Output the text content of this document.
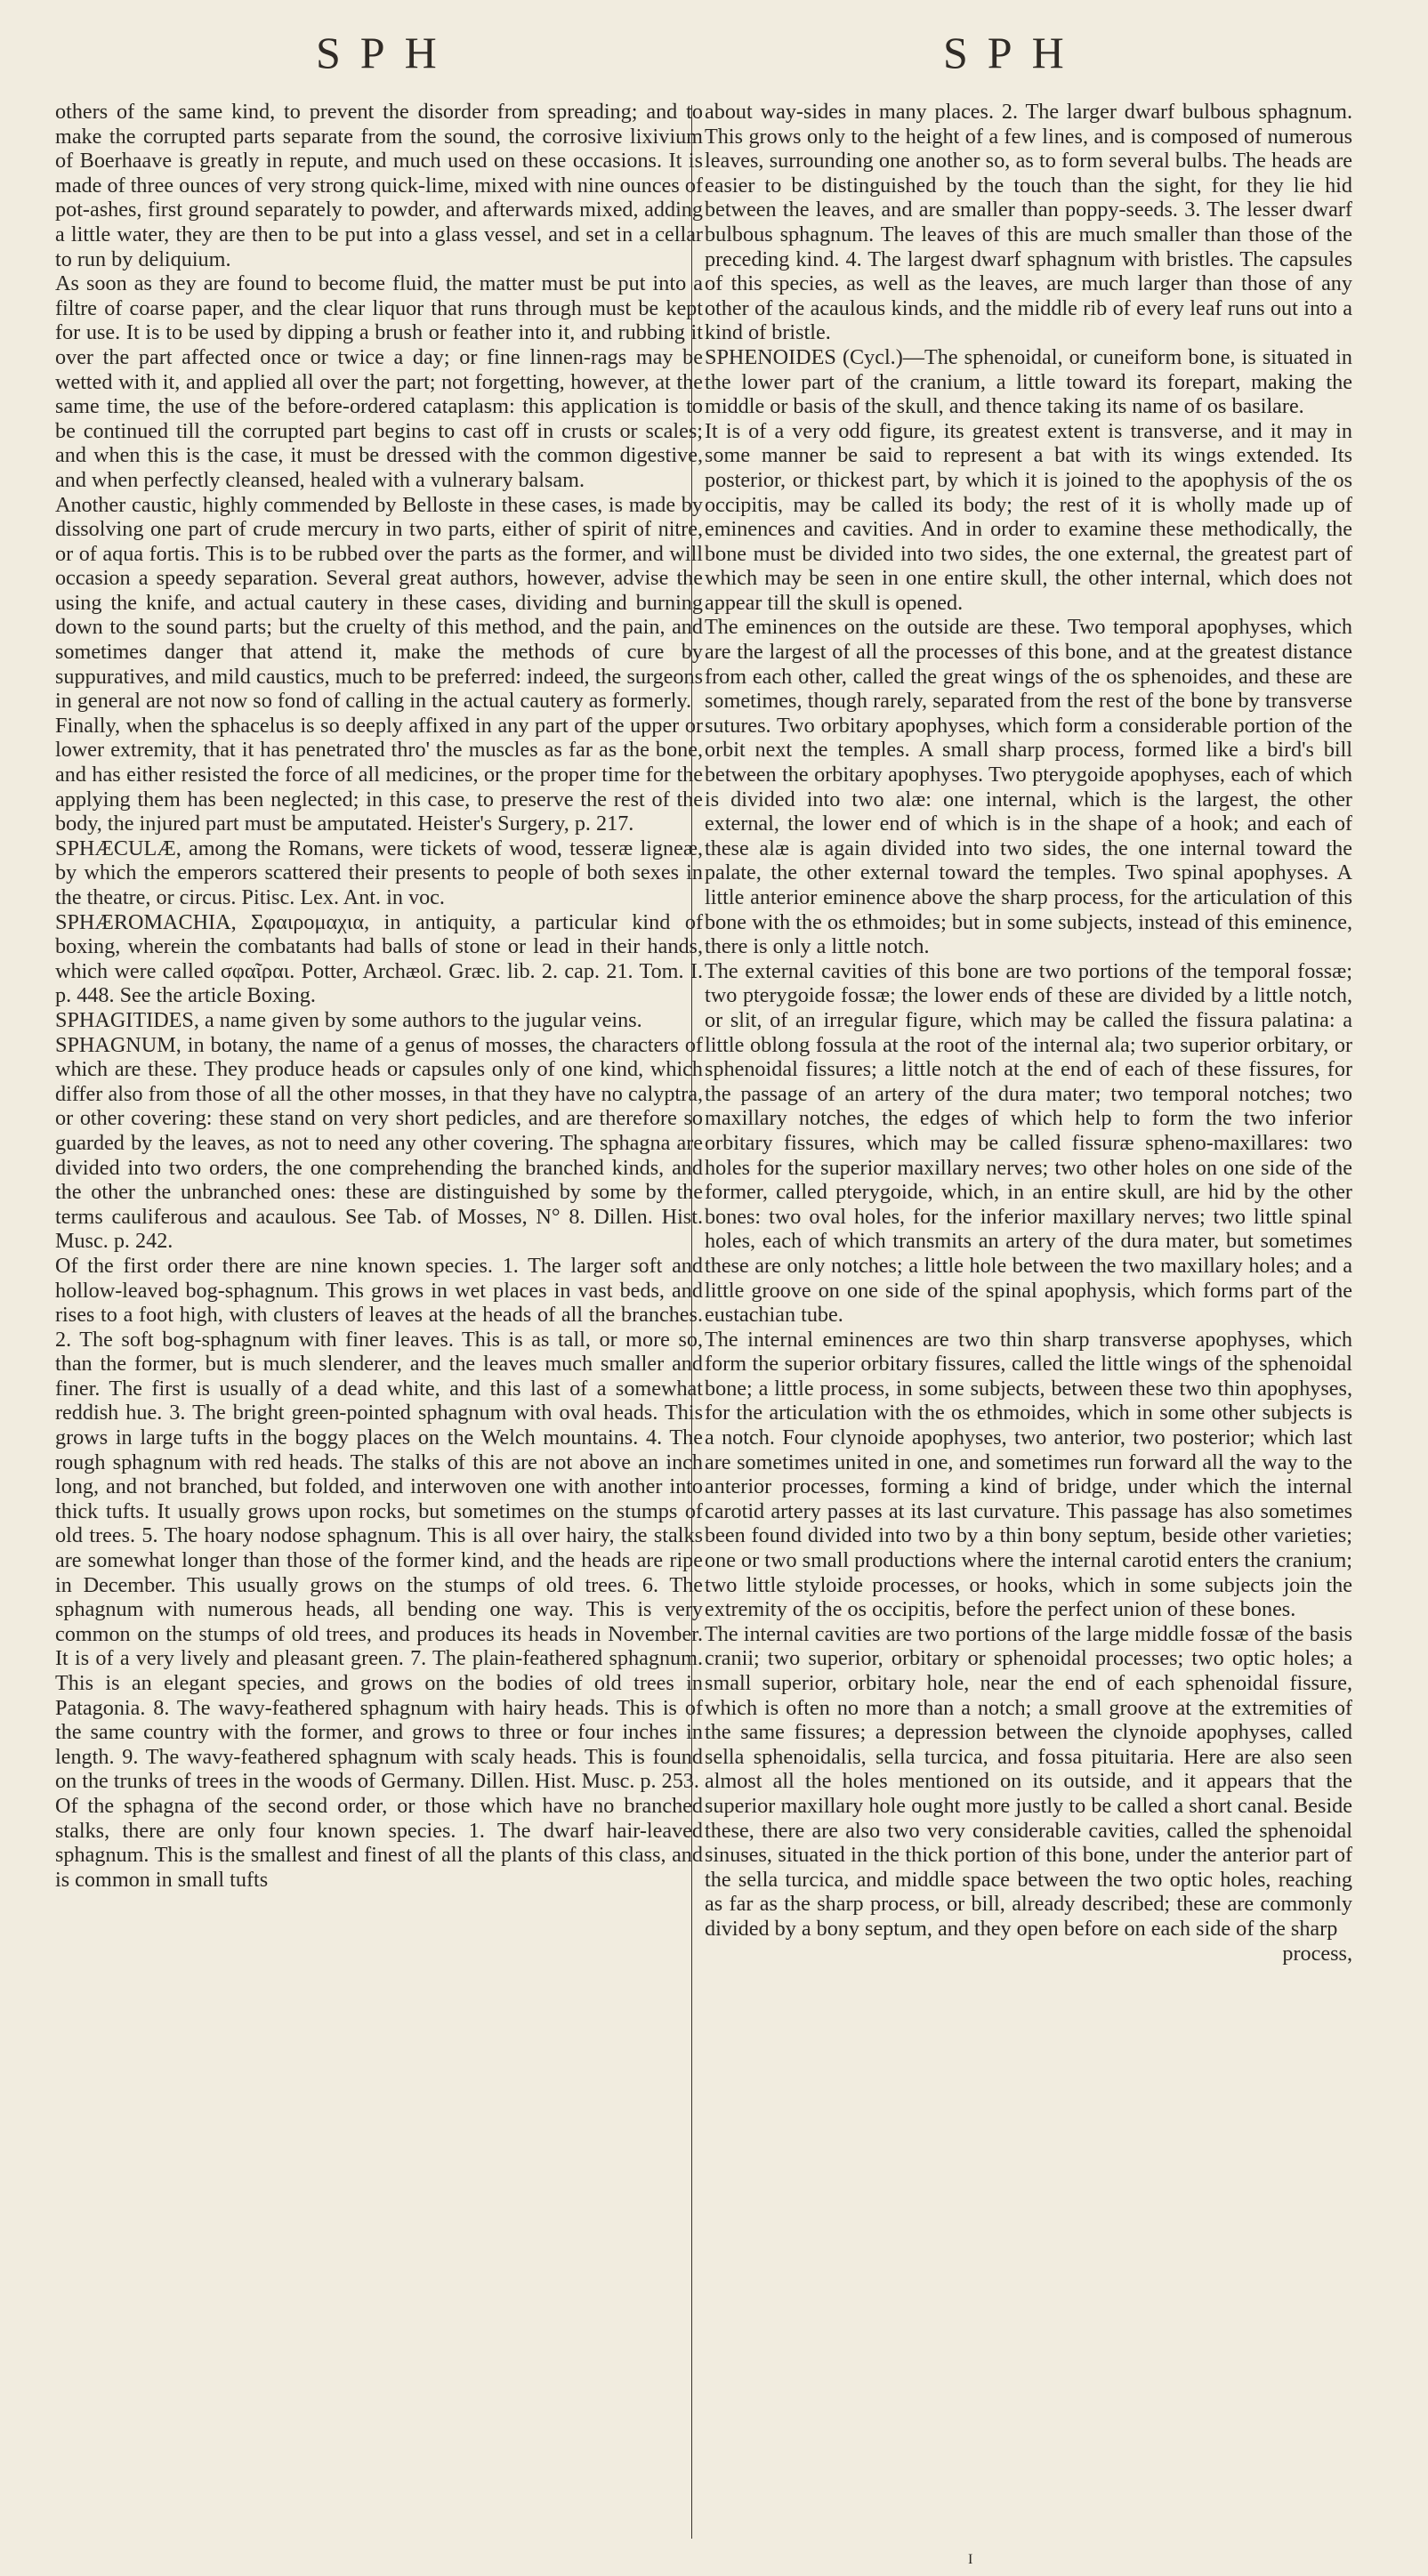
SPH	SPH

others of the same kind, to prevent the disorder from spreading; and to make the corrupted parts separate from the sound, the corrosive lixivium of Boerhaave is greatly in repute, and much used on these occasions. It is made of three ounces of very strong quick-lime, mixed with nine ounces of pot-ashes, first ground separately to powder, and afterwards mixed, adding a little water, they are then to be put into a glass vessel, and set in a cellar to run by deliquium.

As soon as they are found to become fluid, the matter must be put into a filtre of coarse paper, and the clear liquor that runs through must be kept for use. It is to be used by dipping a brush or feather into it, and rubbing it over the part affected once or twice a day; or fine linnen-rags may be wetted with it, and applied all over the part; not forgetting, however, at the same time, the use of the before-ordered cataplasm: this application is to be continued till the corrupted part begins to cast off in crusts or scales; and when this is the case, it must be dressed with the common digestive, and when perfectly cleansed, healed with a vulnerary balsam.

Another caustic, highly commended by Belloste in these cases, is made by dissolving one part of crude mercury in two parts, either of spirit of nitre, or of aqua fortis. This is to be rubbed over the parts as the former, and will occasion a speedy separation. Several great authors, however, advise the using the knife, and actual cautery in these cases, dividing and burning down to the sound parts; but the cruelty of this method, and the pain, and sometimes danger that attend it, make the methods of cure by suppuratives, and mild caustics, much to be preferred: indeed, the surgeons in general are not now so fond of calling in the actual cautery as formerly.

Finally, when the sphacelus is so deeply affixed in any part of the upper or lower extremity, that it has penetrated thro' the muscles as far as the bone, and has either resisted the force of all medicines, or the proper time for the applying them has been neglected; in this case, to preserve the rest of the body, the injured part must be amputated. Heister's Surgery, p. 217.

SPHÆCULÆ, among the Romans, were tickets of wood, tesseræ ligneæ, by which the emperors scattered their presents to people of both sexes in the theatre, or circus. Pitisc. Lex. Ant. in voc.

SPHÆROMACHIA, Σφαιρομαχια, in antiquity, a particular kind of boxing, wherein the combatants had balls of stone or lead in their hands, which were called σφαῖραι. Potter, Archæol. Græc. lib. 2. cap. 21. Tom. I. p. 448. See the article Boxing.

SPHAGITIDES, a name given by some authors to the jugular veins.

SPHAGNUM, in botany, the name of a genus of mosses, the characters of which are these. They produce heads or capsules only of one kind, which differ also from those of all the other mosses, in that they have no calyptra, or other covering: these stand on very short pedicles, and are therefore so guarded by the leaves, as not to need any other covering. The sphagna are divided into two orders, the one comprehending the branched kinds, and the other the unbranched ones: these are distinguished by some by the terms cauliferous and acaulous. See Tab. of Mosses, N° 8. Dillen. Hist. Musc. p. 242.

Of the first order there are nine known species. 1. The larger soft and hollow-leaved bog-sphagnum. This grows in wet places in vast beds, and rises to a foot high, with clusters of leaves at the heads of all the branches. 2. The soft bog-sphagnum with finer leaves. This is as tall, or more so, than the former, but is much slenderer, and the leaves much smaller and finer. The first is usually of a dead white, and this last of a somewhat reddish hue. 3. The bright green-pointed sphagnum with oval heads. This grows in large tufts in the boggy places on the Welch mountains. 4. The rough sphagnum with red heads. The stalks of this are not above an inch long, and not branched, but folded, and interwoven one with another into thick tufts. It usually grows upon rocks, but sometimes on the stumps of old trees. 5. The hoary nodose sphagnum. This is all over hairy, the stalks are somewhat longer than those of the former kind, and the heads are ripe in December. This usually grows on the stumps of old trees. 6. The sphagnum with numerous heads, all bending one way. This is very common on the stumps of old trees, and produces its heads in November. It is of a very lively and pleasant green. 7. The plain-feathered sphagnum. This is an elegant species, and grows on the bodies of old trees in Patagonia. 8. The wavy-feathered sphagnum with hairy heads. This is of the same country with the former, and grows to three or four inches in length. 9. The wavy-feathered sphagnum with scaly heads. This is found on the trunks of trees in the woods of Germany. Dillen. Hist. Musc. p. 253.

Of the sphagna of the second order, or those which have no branched stalks, there are only four known species. 1. The dwarf hair-leaved sphagnum. This is the smallest and finest of all the plants of this class, and is common in small tufts

about way-sides in many places. 2. The larger dwarf bulbous sphagnum. This grows only to the height of a few lines, and is composed of numerous leaves, surrounding one another so, as to form several bulbs. The heads are easier to be distinguished by the touch than the sight, for they lie hid between the leaves, and are smaller than poppy-seeds. 3. The lesser dwarf bulbous sphagnum. The leaves of this are much smaller than those of the preceding kind. 4. The largest dwarf sphagnum with bristles. The capsules of this species, as well as the leaves, are much larger than those of any other of the acaulous kinds, and the middle rib of every leaf runs out into a kind of bristle.

SPHENOIDES (Cycl.)—The sphenoidal, or cuneiform bone, is situated in the lower part of the cranium, a little toward its forepart, making the middle or basis of the skull, and thence taking its name of os basilare.

It is of a very odd figure, its greatest extent is transverse, and it may in some manner be said to represent a bat with its wings extended. Its posterior, or thickest part, by which it is joined to the apophysis of the os occipitis, may be called its body; the rest of it is wholly made up of eminences and cavities. And in order to examine these methodically, the bone must be divided into two sides, the one external, the greatest part of which may be seen in one entire skull, the other internal, which does not appear till the skull is opened.

The eminences on the outside are these. Two temporal apophyses, which are the largest of all the processes of this bone, and at the greatest distance from each other, called the great wings of the os sphenoides, and these are sometimes, though rarely, separated from the rest of the bone by transverse sutures. Two orbitary apophyses, which form a considerable portion of the orbit next the temples. A small sharp process, formed like a bird's bill between the orbitary apophyses. Two pterygoide apophyses, each of which is divided into two alæ: one internal, which is the largest, the other external, the lower end of which is in the shape of a hook; and each of these alæ is again divided into two sides, the one internal toward the palate, the other external toward the temples. Two spinal apophyses. A little anterior eminence above the sharp process, for the articulation of this bone with the os ethmoides; but in some subjects, instead of this eminence, there is only a little notch.

The external cavities of this bone are two portions of the temporal fossæ; two pterygoide fossæ; the lower ends of these are divided by a little notch, or slit, of an irregular figure, which may be called the fissura palatina: a little oblong fossula at the root of the internal ala; two superior orbitary, or sphenoidal fissures; a little notch at the end of each of these fissures, for the passage of an artery of the dura mater; two temporal notches; two maxillary notches, the edges of which help to form the two inferior orbitary fissures, which may be called fissuræ spheno-maxillares: two holes for the superior maxillary nerves; two other holes on one side of the former, called pterygoide, which, in an entire skull, are hid by the other bones: two oval holes, for the inferior maxillary nerves; two little spinal holes, each of which transmits an artery of the dura mater, but sometimes these are only notches; a little hole between the two maxillary holes; and a little groove on one side of the spinal apophysis, which forms part of the eustachian tube.

The internal eminences are two thin sharp transverse apophyses, which form the superior orbitary fissures, called the little wings of the sphenoidal bone; a little process, in some subjects, between these two thin apophyses, for the articulation with the os ethmoides, which in some other subjects is a notch. Four clynoide apophyses, two anterior, two posterior; which last are sometimes united in one, and sometimes run forward all the way to the anterior processes, forming a kind of bridge, under which the internal carotid artery passes at its last curvature. This passage has also sometimes been found divided into two by a thin bony septum, beside other varieties; one or two small productions where the internal carotid enters the cranium; two little styloide processes, or hooks, which in some subjects join the extremity of the os occipitis, before the perfect union of these bones.

The internal cavities are two portions of the large middle fossæ of the basis cranii; two superior, orbitary or sphenoidal processes; two optic holes; a small superior, orbitary hole, near the end of each sphenoidal fissure, which is often no more than a notch; a small groove at the extremities of the same fissures; a depression between the clynoide apophyses, called sella sphenoidalis, sella turcica, and fossa pituitaria. Here are also seen almost all the holes mentioned on its outside, and it appears that the superior maxillary hole ought more justly to be called a short canal. Beside these, there are also two very considerable cavities, called the sphenoidal sinuses, situated in the thick portion of this bone, under the anterior part of the sella turcica, and middle space between the two optic holes, reaching as far as the sharp process, or bill, already described; these are commonly divided by a bony septum, and they open before on each side of the sharp

process,

I
